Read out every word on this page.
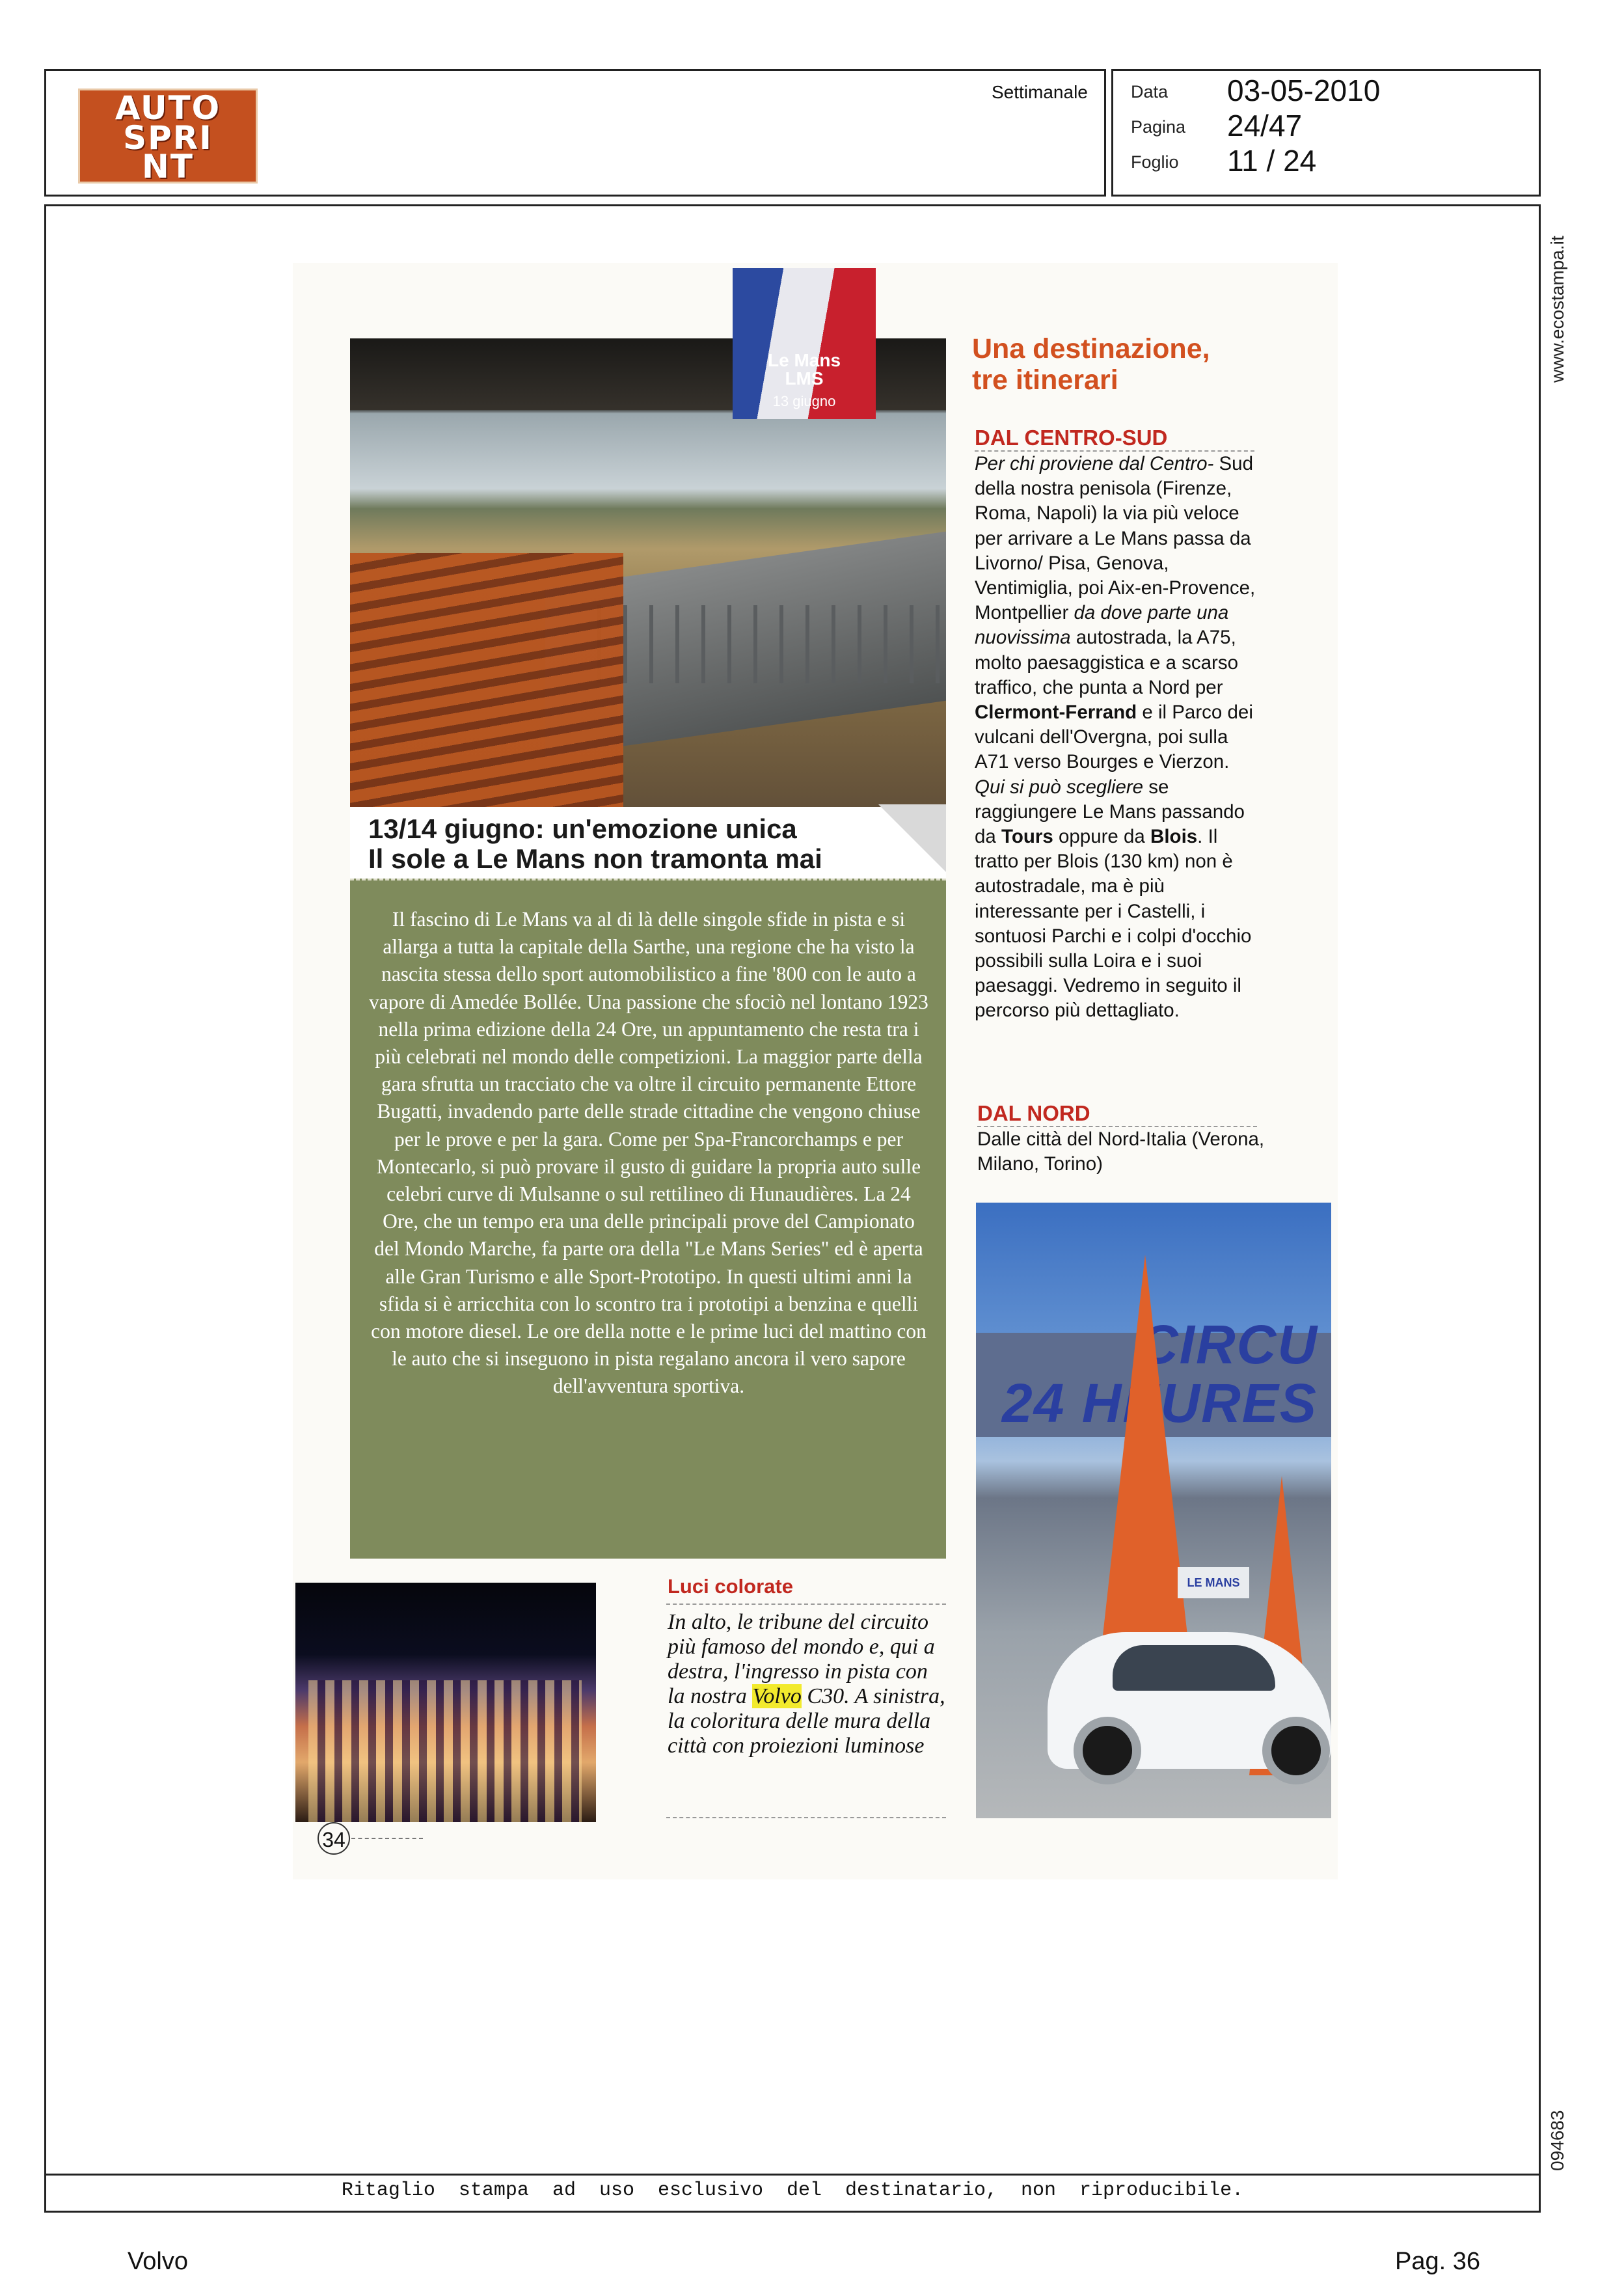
AUTO
SPRI
NT
Settimanale Data 03-05-2010
Pagina 24/47
Foglio 11 / 24
www.ecostampa.it
094683
Le Mans
LMS
13 giugno
13/14 giugno: un'emozione unica
Il sole a Le Mans non tramonta mai
Il fascino di Le Mans va al di là delle singole sfide in pista e si allarga a tutta la capitale della Sarthe, una regione che ha visto la nascita stessa dello sport automobilistico a fine '800 con le auto a vapore di Amedée Bollée. Una passione che sfociò nel lontano 1923 nella prima edizione della 24 Ore, un appuntamento che resta tra i più celebrati nel mondo delle competizioni. La maggior parte della gara sfrutta un tracciato che va oltre il circuito permanente Ettore Bugatti, invadendo parte delle strade cittadine che vengono chiuse per le prove e per la gara. Come per Spa-Francorchamps e per Montecarlo, si può provare il gusto di guidare la propria auto sulle celebri curve di Mulsanne o sul rettilineo di Hunaudières. La 24 Ore, che un tempo era una delle principali prove del Campionato del Mondo Marche, fa parte ora della "Le Mans Series" ed è aperta alle Gran Turismo e alle Sport-Prototipo. In questi ultimi anni la sfida si è arricchita con lo scontro tra i prototipi a benzina e quelli con motore diesel. Le ore della notte e le prime luci del mattino con le auto che si inseguono in pista regalano ancora il vero sapore dell'avventura sportiva.
Luci colorate
In alto, le tribune del circuito più famoso del mondo e, qui a destra, l'ingresso in pista con la nostra Volvo C30. A sinistra, la coloritura delle mura della città con proiezioni luminose
34
Una destinazione,
tre itinerari
DAL CENTRO-SUD
Per chi proviene dal Centro- Sud della nostra penisola (Firenze, Roma, Napoli) la via più veloce per arrivare a Le Mans passa da Livorno/ Pisa, Genova, Ventimiglia, poi Aix-en-Provence, Montpellier da dove parte una nuovissima autostrada, la A75, molto paesaggistica e a scarso traffico, che punta a Nord per Clermont-Ferrand e il Parco dei vulcani dell'Overgna, poi sulla A71 verso Bourges e Vierzon. Qui si può scegliere se raggiungere Le Mans passando da Tours oppure da Blois. Il tratto per Blois (130 km) non è autostradale, ma è più interessante per i Castelli, i sontuosi Parchi e i colpi d'occhio possibili sulla Loira e i suoi paesaggi. Vedremo in seguito il percorso più dettagliato.
DAL NORD
Dalle città del Nord-Italia (Verona, Milano, Torino)
CIRCU
24 HEURES
LE MANS
Ritaglio stampa ad uso esclusivo del destinatario, non riproducibile.
Volvo	Pag. 36
